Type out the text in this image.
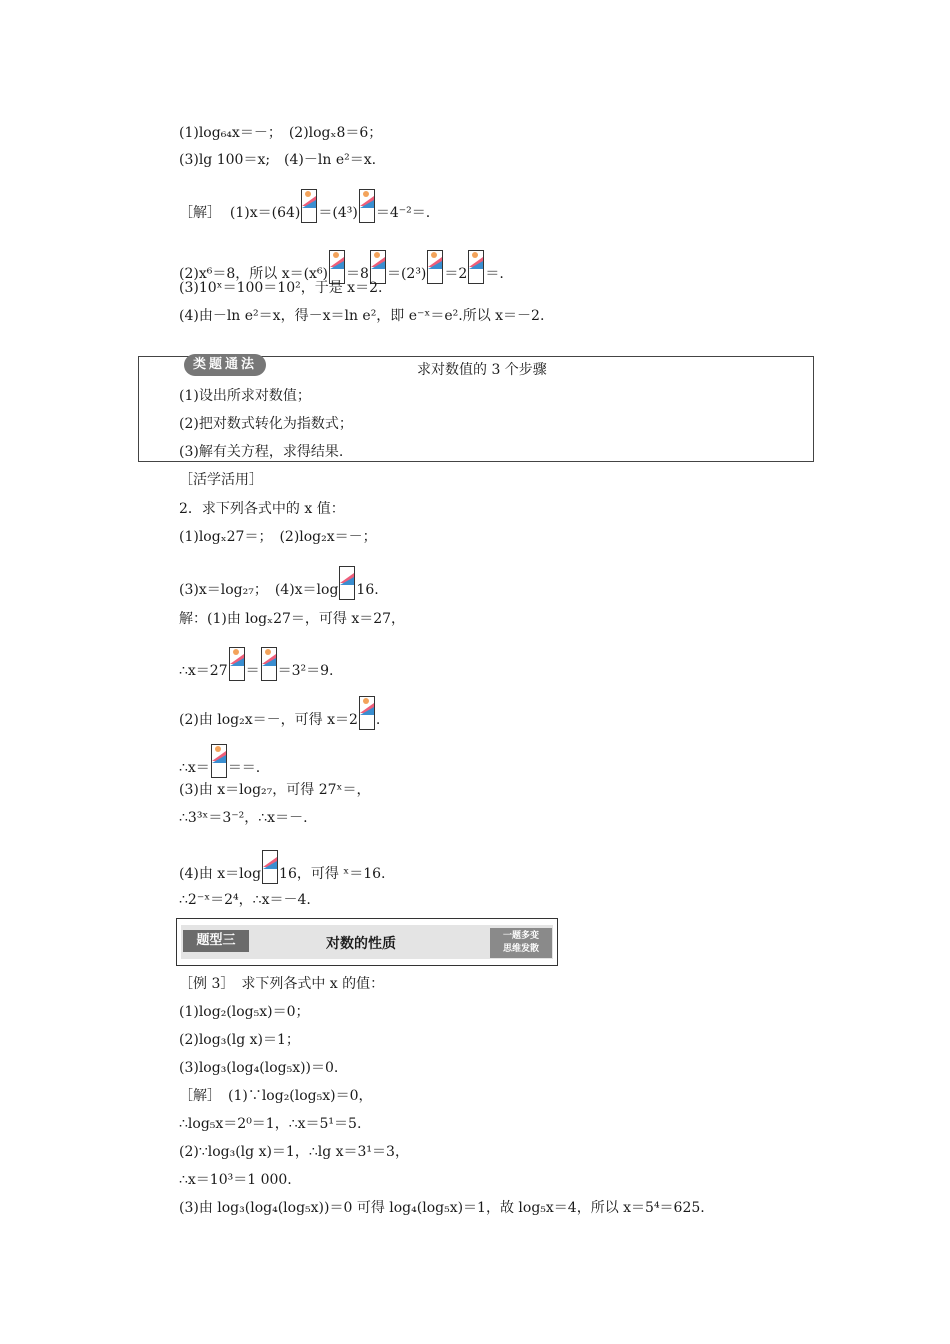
(1)log₆₄x＝－；　(2)logₓ8＝6；
(3)lg 100＝x;　(4)－ln e²＝x.
［解］ (1)x＝(64) ＝(4³) ＝4⁻²＝.
(2)x⁶＝8，所以 x＝(x⁶) ＝8 ＝(2³) ＝2 ＝.
(3)10ˣ＝100＝10²，于是 x＝2.
(4)由－ln e²＝x，得－x＝ln e²，即 e⁻ˣ＝e².所以 x＝－2.
类题通法	求对数值的 3 个步骤
(1)设出所求对数值；
(2)把对数式转化为指数式；
(3)解有关方程，求得结果.
［活学活用］
2．求下列各式中的 x 值：
(1)logₓ27＝；　(2)log₂x＝－；
(3)x＝log₂₇；　(4)x＝log 16.
解：(1)由 logₓ27＝，可得 x＝27，
∴x＝27 ＝ ＝3²＝9.
(2)由 log₂x＝－，可得 x＝2 .
∴x＝ ＝＝.
(3)由 x＝log₂₇，可得 27ˣ＝，
∴3³ˣ＝3⁻²，∴x＝－.
(4)由 x＝log 16，可得 ˣ＝16.
∴2⁻ˣ＝2⁴，∴x＝－4.
题型三	对数的性质	一题多变
思维发散
［例 3］　求下列各式中 x 的值：
(1)log₂(log₅x)＝0；
(2)log₃(lg x)＝1；
(3)log₃(log₄(log₅x))＝0.
［解］　(1)∵log₂(log₅x)＝0，
∴log₅x＝2⁰＝1，∴x＝5¹＝5.
(2)∵log₃(lg x)＝1，∴lg x＝3¹＝3，
∴x＝10³＝1 000.
(3)由 log₃(log₄(log₅x))＝0 可得 log₄(log₅x)＝1，故 log₅x＝4，所以 x＝5⁴＝625.
